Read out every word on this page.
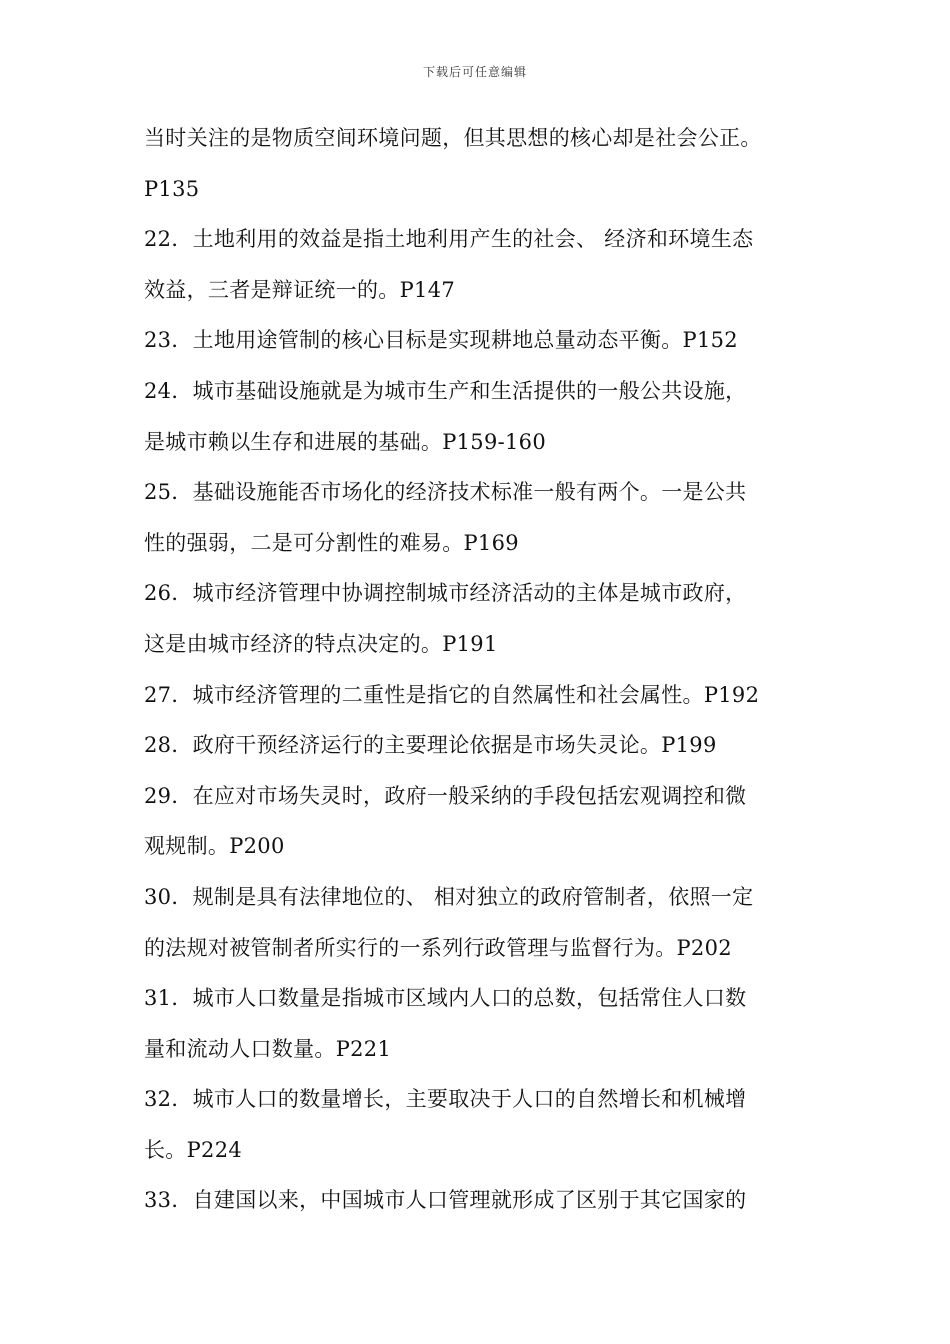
下载后可任意编辑
当时关注的是物质空间环境问题，但其思想的核心却是社会公正。
P135
22．土地利用的效益是指土地利用产生的社会、 经济和环境生态
效益，三者是辩证统一的。P147
23．土地用途管制的核心目标是实现耕地总量动态平衡。P152
24．城市基础设施就是为城市生产和生活提供的一般公共设施，
是城市赖以生存和进展的基础。P159-160
25．基础设施能否市场化的经济技术标准一般有两个。一是公共
性的强弱，二是可分割性的难易。P169
26．城市经济管理中协调控制城市经济活动的主体是城市政府，
这是由城市经济的特点决定的。P191
27．城市经济管理的二重性是指它的自然属性和社会属性。P192
28．政府干预经济运行的主要理论依据是市场失灵论。P199
29．在应对市场失灵时，政府一般采纳的手段包括宏观调控和微
观规制。P200
30．规制是具有法律地位的、 相对独立的政府管制者，依照一定
的法规对被管制者所实行的一系列行政管理与监督行为。P202
31．城市人口数量是指城市区域内人口的总数，包括常住人口数
量和流动人口数量。P221
32．城市人口的数量增长，主要取决于人口的自然增长和机械增
长。P224
33．自建国以来，中国城市人口管理就形成了区别于其它国家的
